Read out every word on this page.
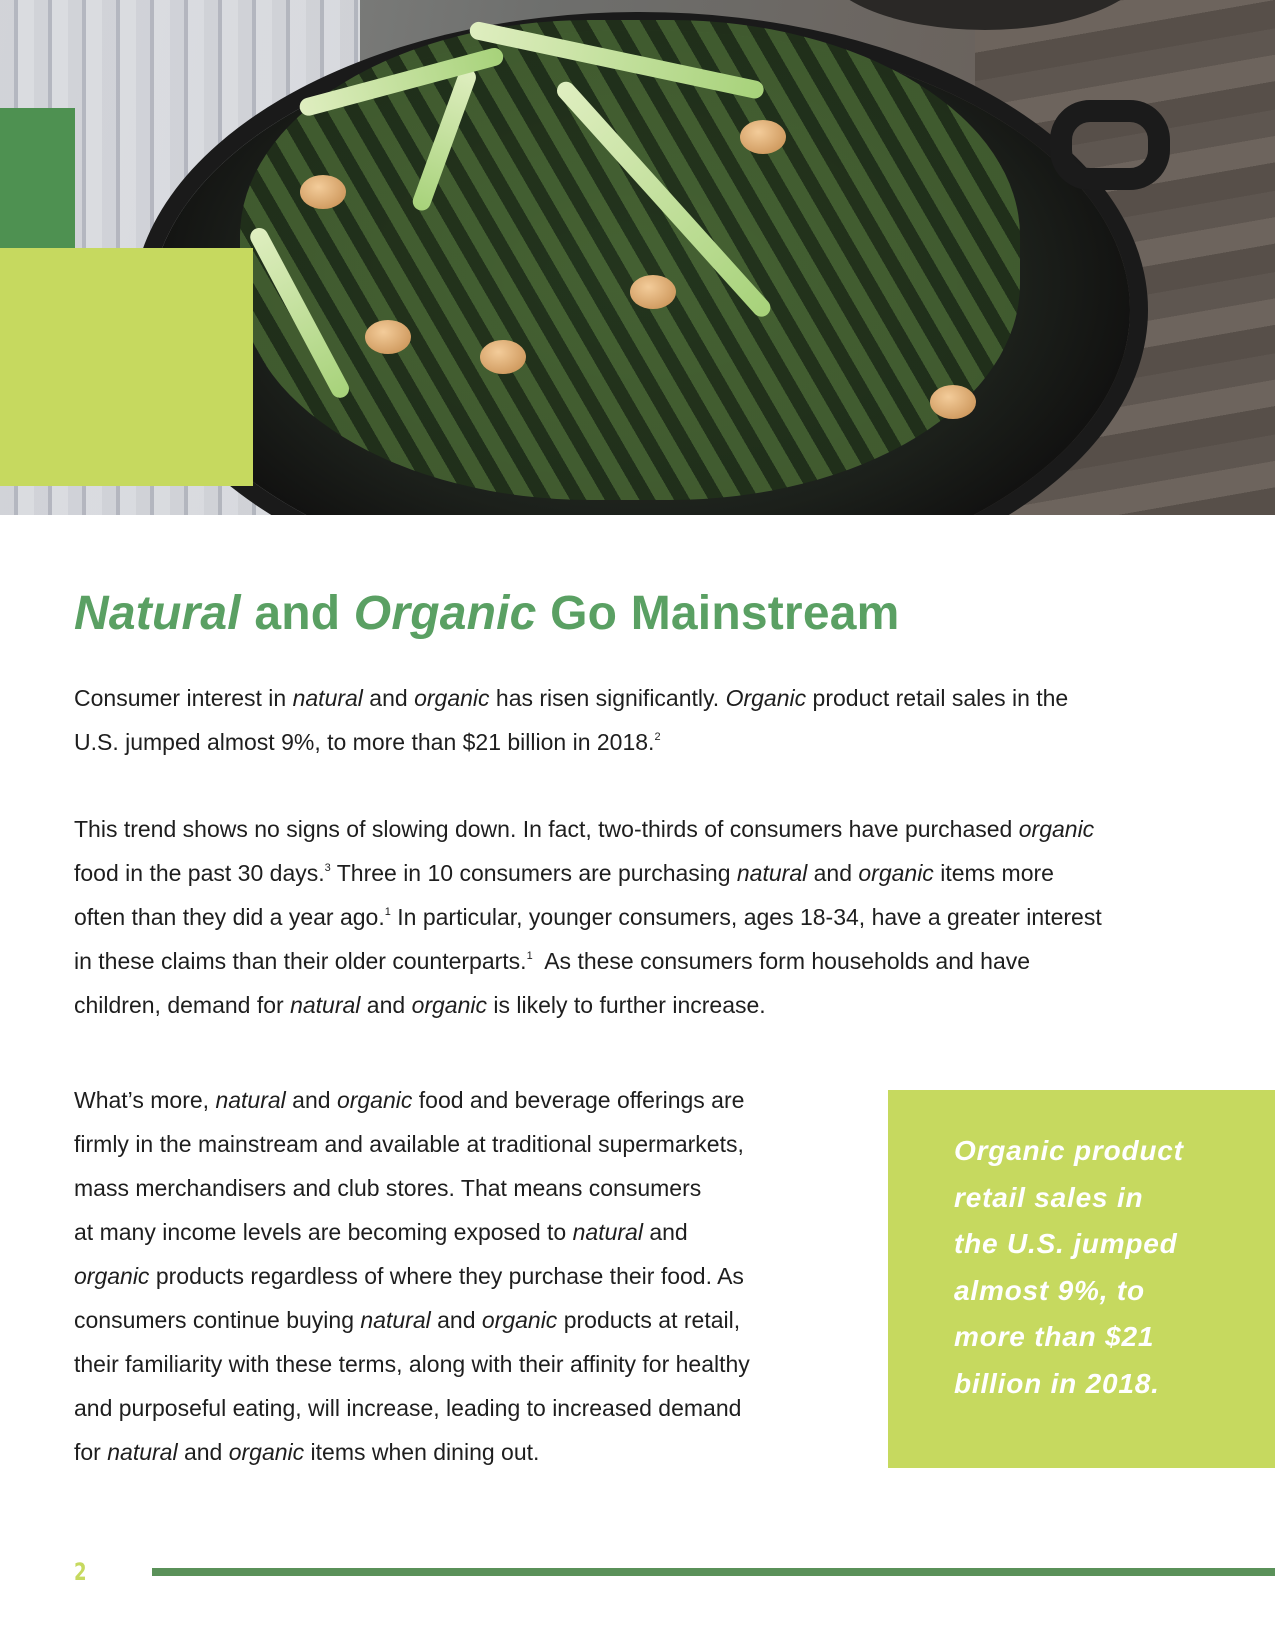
Natural and Organic Go Mainstream

Consumer interest in natural and organic has risen significantly. Organic product retail sales in the
U.S. jumped almost 9%, to more than $21 billion in 2018.$^2$

This trend shows no signs of slowing down. In fact, two-thirds of consumers have purchased organic
food in the past 30 days.$^3$ Three in 10 consumers are purchasing natural and organic items more
often than they did a year ago.$^1$ In particular, younger consumers, ages 18-34, have a greater interest
in these claims than their older counterparts.$^1$  As these consumers form households and have
children, demand for natural and organic is likely to further increase.

What’s more, natural and organic food and beverage offerings are
firmly in the mainstream and available at traditional supermarkets,
mass merchandisers and club stores. That means consumers
at many income levels are becoming exposed to natural and
organic products regardless of where they purchase their food. As
consumers continue buying natural and organic products at retail,
their familiarity with these terms, along with their affinity for healthy
and purposeful eating, will increase, leading to increased demand
for natural and organic items when dining out.

Organic product
retail sales in
the U.S. jumped
almost 9%, to
more than $21
billion in 2018.

2
